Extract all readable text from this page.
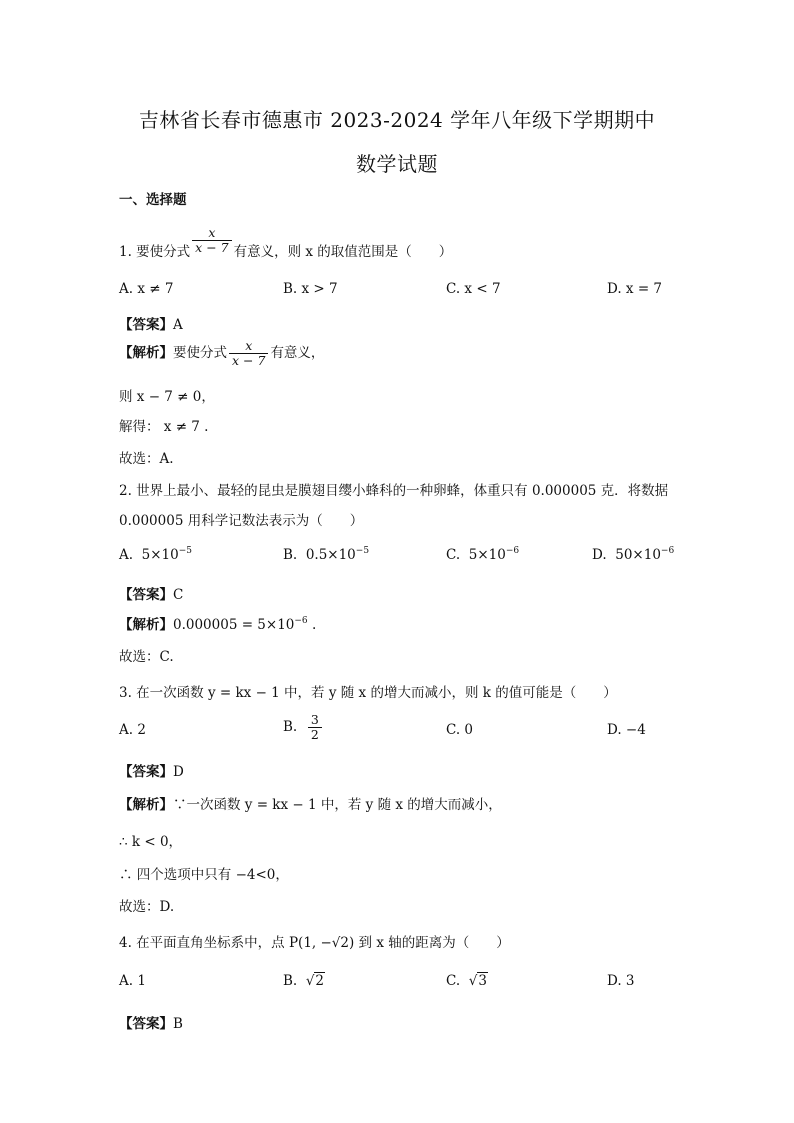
吉林省长春市德惠市 2023-2024 学年八年级下学期期中
数学试题
一、选择题
1. 要使分式 $\frac{x}{x - 7}$ 有意义，则 x 的取值范围是（　　）
A. x ≠ 7	B. x > 7	C. x < 7	D. x = 7
【答案】A
【解析】要使分式 $\frac{x}{x - 7}$ 有意义，
则 x − 7 ≠ 0，
解得： x ≠ 7 .
故选：A.
2. 世界上最小、最轻的昆虫是膜翅目缨小蜂科的一种卵蜂，体重只有 0.000005 克．将数据
0.000005 用科学记数法表示为（　　）
A. $5\times 10^{-5}$	B. $0.5\times 10^{-5}$	C. $5\times 10^{-6}$	D. $50\times 10^{-6}$
【答案】C
【解析】$0.000005 = 5\times 10^{-6}$ .
故选：C.
3. 在一次函数 y = kx − 1 中，若 y 随 x 的增大而减小，则 k 的值可能是（　　）
A. 2	B. $\frac{3}{2}$	C. 0	D. −4
【答案】D
【解析】∵一次函数 y = kx − 1 中，若 y 随 x 的增大而减小，
∴ k < 0，
∴ 四个选项中只有 −4<0，
故选：D.
4. 在平面直角坐标系中，点 P(1, −√2) 到 x 轴的距离为（　　）
A. 1	B. √2	C. √3	D. 3
【答案】B
